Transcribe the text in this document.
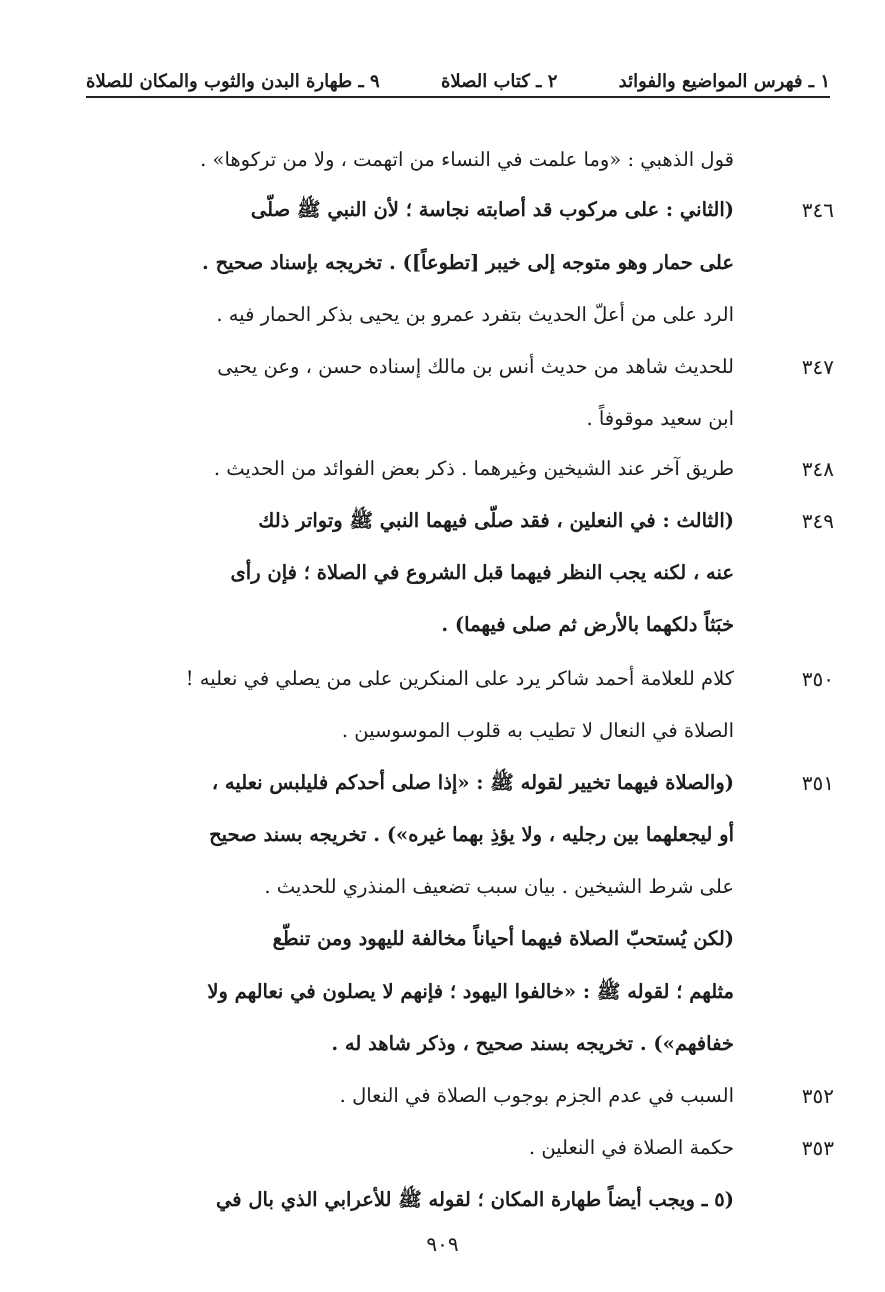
١ ـ فهرس المواضيع والفوائد
٢ ـ كتاب الصلاة
٩ ـ طهارة البدن والثوب والمكان للصلاة
قول الذهبي : «وما علمت في النساء من اتهمت ، ولا من تركوها» .
٣٤٦
(الثاني : على مركوب قد أصابته نجاسة ؛ لأن النبي ﷺ صلّى
على حمار وهو متوجه إلى خيبر [تطوعاً]) . تخريجه بإسناد صحيح .
الرد على من أعلّ الحديث بتفرد عمرو بن يحيى بذكر الحمار فيه .
٣٤٧
للحديث شاهد من حديث أنس بن مالك إسناده حسن ، وعن يحيى
ابن سعيد موقوفاً .
٣٤٨
طريق آخر عند الشيخين وغيرهما . ذكر بعض الفوائد من الحديث .
٣٤٩
(الثالث : في النعلين ، فقد صلّى فيهما النبي ﷺ وتواتر ذلك
عنه ، لكنه يجب النظر فيهما قبل الشروع في الصلاة ؛ فإن رأى
خبَثاً دلكهما بالأرض ثم صلى فيهما) .
٣٥٠
كلام للعلامة أحمد شاكر يرد على المنكرين على من يصلي في نعليه !
الصلاة في النعال لا تطيب به قلوب الموسوسين .
٣٥١
(والصلاة فيهما تخيير لقوله ﷺ : «إذا صلى أحدكم فليلبس نعليه ،
أو ليجعلهما بين رجليه ، ولا يؤذِ بهما غيره») . تخريجه بسند صحيح
على شرط الشيخين . بيان سبب تضعيف المنذري للحديث .
(لكن يُستحبّ الصلاة فيهما أحياناً مخالفة لليهود ومن تنطّع
مثلهم ؛ لقوله ﷺ : «خالفوا اليهود ؛ فإنهم لا يصلون في نعالهم ولا
خفافهم») . تخريجه بسند صحيح ، وذكر شاهد له .
٣٥٢
السبب في عدم الجزم بوجوب الصلاة في النعال .
٣٥٣
حكمة الصلاة في النعلين .
(٥ ـ ويجب أيضاً طهارة المكان ؛ لقوله ﷺ للأعرابي الذي بال في
٩٠٩
